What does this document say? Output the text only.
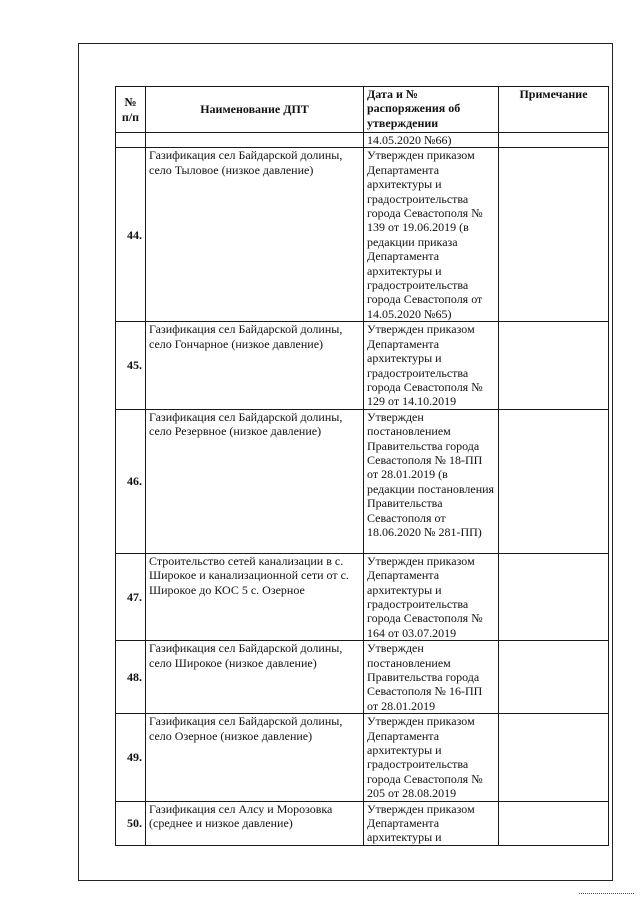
№ п/п	Наименование ДПТ	Дата и № распоряжения об утверждении	Примечание
		14.05.2020 №66)	
44.	Газификация сел Байдарской долины, село Тыловое (низкое давление)	Утвержден приказом Департамента архитектуры и градостроительства города Севастополя № 139 от 19.06.2019 (в редакции приказа Департамента архитектуры и градостроительства города Севастополя от 14.05.2020 №65)	
45.	Газификация сел Байдарской долины, село Гончарное (низкое давление)	Утвержден приказом Департамента архитектуры и градостроительства города Севастополя № 129 от 14.10.2019	
46.	Газификация сел Байдарской долины, село Резервное (низкое давление)	Утвержден постановлением Правительства города Севастополя № 18-ПП от 28.01.2019 (в редакции постановления Правительства Севастополя от 18.06.2020 № 281-ПП)	
47.	Строительство сетей канализации в с. Широкое и канализационной сети от с. Широкое до КОС 5 с. Озерное	Утвержден приказом Департамента архитектуры и градостроительства города Севастополя № 164 от 03.07.2019	
48.	Газификация сел Байдарской долины, село Широкое (низкое давление)	Утвержден постановлением Правительства города Севастополя № 16-ПП от 28.01.2019	
49.	Газификация сел Байдарской долины, село Озерное (низкое давление)	Утвержден приказом Департамента архитектуры и градостроительства города Севастополя № 205 от 28.08.2019	
50.	Газификация сел Алсу и Морозовка (среднее и низкое давление)	Утвержден приказом Департамента архитектуры и	
